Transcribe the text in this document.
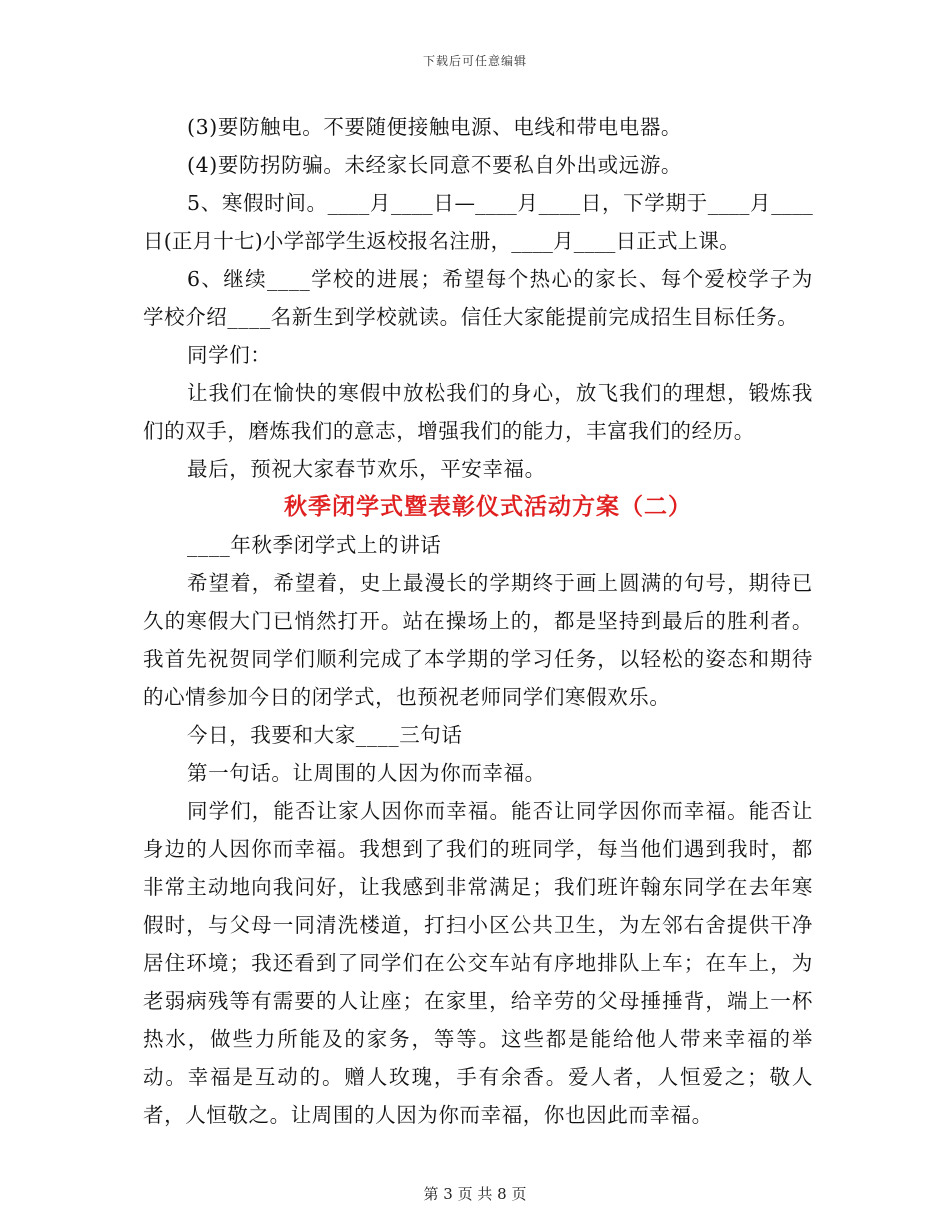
下载后可任意编辑

(3)要防触电。不要随便接触电源、电线和带电电器。

(4)要防拐防骗。未经家长同意不要私自外出或远游。

5、寒假时间。____月____日—____月____日，下学期于____月____日(正月十七)小学部学生返校报名注册，____月____日正式上课。

6、继续____学校的进展；希望每个热心的家长、每个爱校学子为学校介绍____名新生到学校就读。信任大家能提前完成招生目标任务。

同学们：

让我们在愉快的寒假中放松我们的身心，放飞我们的理想，锻炼我们的双手，磨炼我们的意志，增强我们的能力，丰富我们的经历。

最后，预祝大家春节欢乐，平安幸福。

秋季闭学式暨表彰仪式活动方案（二）

____年秋季闭学式上的讲话

希望着，希望着，史上最漫长的学期终于画上圆满的句号，期待已久的寒假大门已悄然打开。站在操场上的，都是坚持到最后的胜利者。我首先祝贺同学们顺利完成了本学期的学习任务，以轻松的姿态和期待的心情参加今日的闭学式，也预祝老师同学们寒假欢乐。

今日，我要和大家____三句话

第一句话。让周围的人因为你而幸福。

同学们，能否让家人因你而幸福。能否让同学因你而幸福。能否让身边的人因你而幸福。我想到了我们的班同学，每当他们遇到我时，都非常主动地向我问好，让我感到非常满足；我们班许翰东同学在去年寒假时，与父母一同清洗楼道，打扫小区公共卫生，为左邻右舍提供干净居住环境；我还看到了同学们在公交车站有序地排队上车；在车上，为老弱病残等有需要的人让座；在家里，给辛劳的父母捶捶背，端上一杯热水，做些力所能及的家务，等等。这些都是能给他人带来幸福的举动。幸福是互动的。赠人玫瑰，手有余香。爱人者，人恒爱之；敬人者，人恒敬之。让周围的人因为你而幸福，你也因此而幸福。

第 3 页 共 8 页
